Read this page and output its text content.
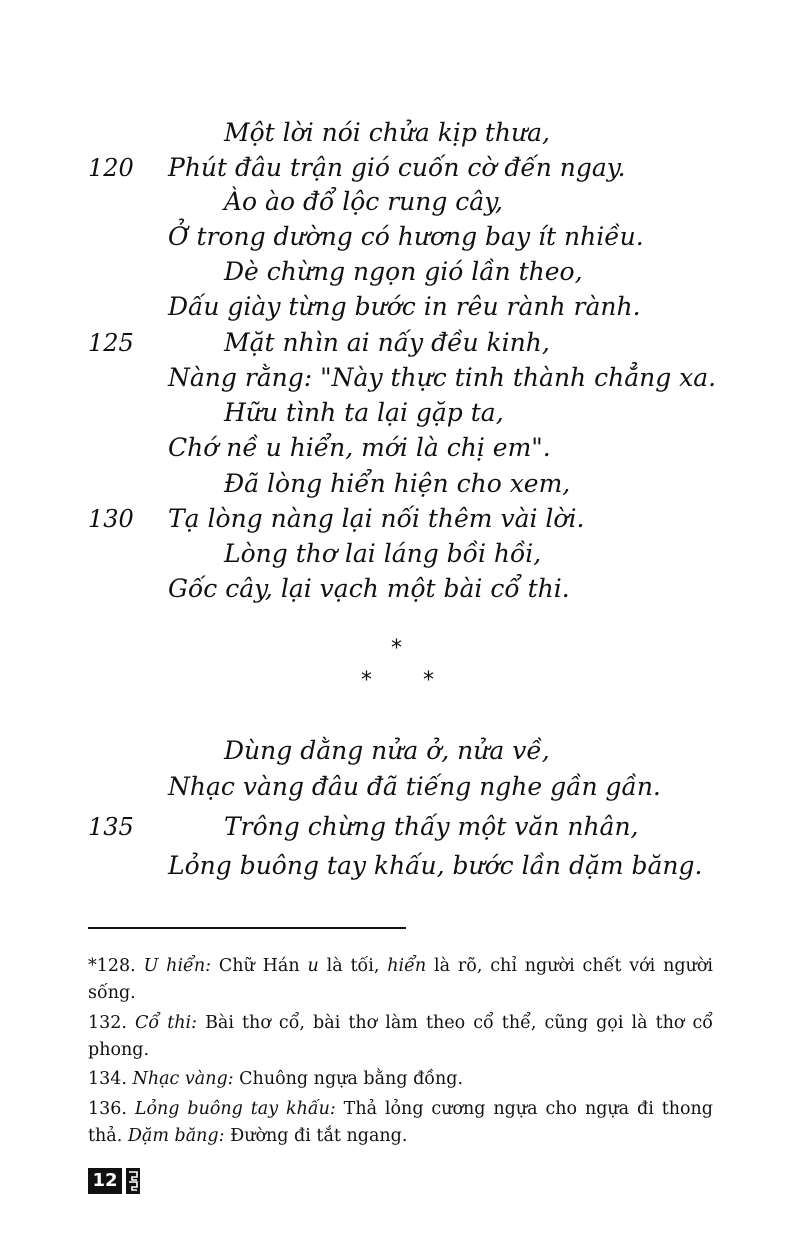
Một lời nói chửa kịp thưa,
120 Phút đâu trận gió cuốn cờ đến ngay.
Ào ào đổ lộc rung cây,
Ở trong dường có hương bay ít nhiều.
Dè chừng ngọn gió lần theo,
Dấu giày từng bước in rêu rành rành.
125	Mặt nhìn ai nấy đều kinh,
Nàng rằng: "Này thực tinh thành chẳng xa.
Hữu tình ta lại gặp ta,
Chớ nề u hiển, mới là chị em".
Đã lòng hiển hiện cho xem,
130 Tạ lòng nàng lại nối thêm vài lời.
Lòng thơ lai láng bồi hồi,
Gốc cây, lại vạch một bài cổ thi.
*
* *
Dùng dằng nửa ở, nửa về,
Nhạc vàng đâu đã tiếng nghe gần gần.
135	Trông chừng thấy một văn nhân,
Lỏng buông tay khấu, bước lần dặm băng.
*128. U hiển: Chữ Hán u là tối, hiển là rõ, chỉ người chết với người sống.
132. Cổ thi: Bài thơ cổ, bài thơ làm theo cổ thể, cũng gọi là thơ cổ phong.
134. Nhạc vàng: Chuông ngựa bằng đồng.
136. Lỏng buông tay khấu: Thả lỏng cương ngựa cho ngựa đi thong thả. Dặm băng: Đường đi tắt ngang.
12
